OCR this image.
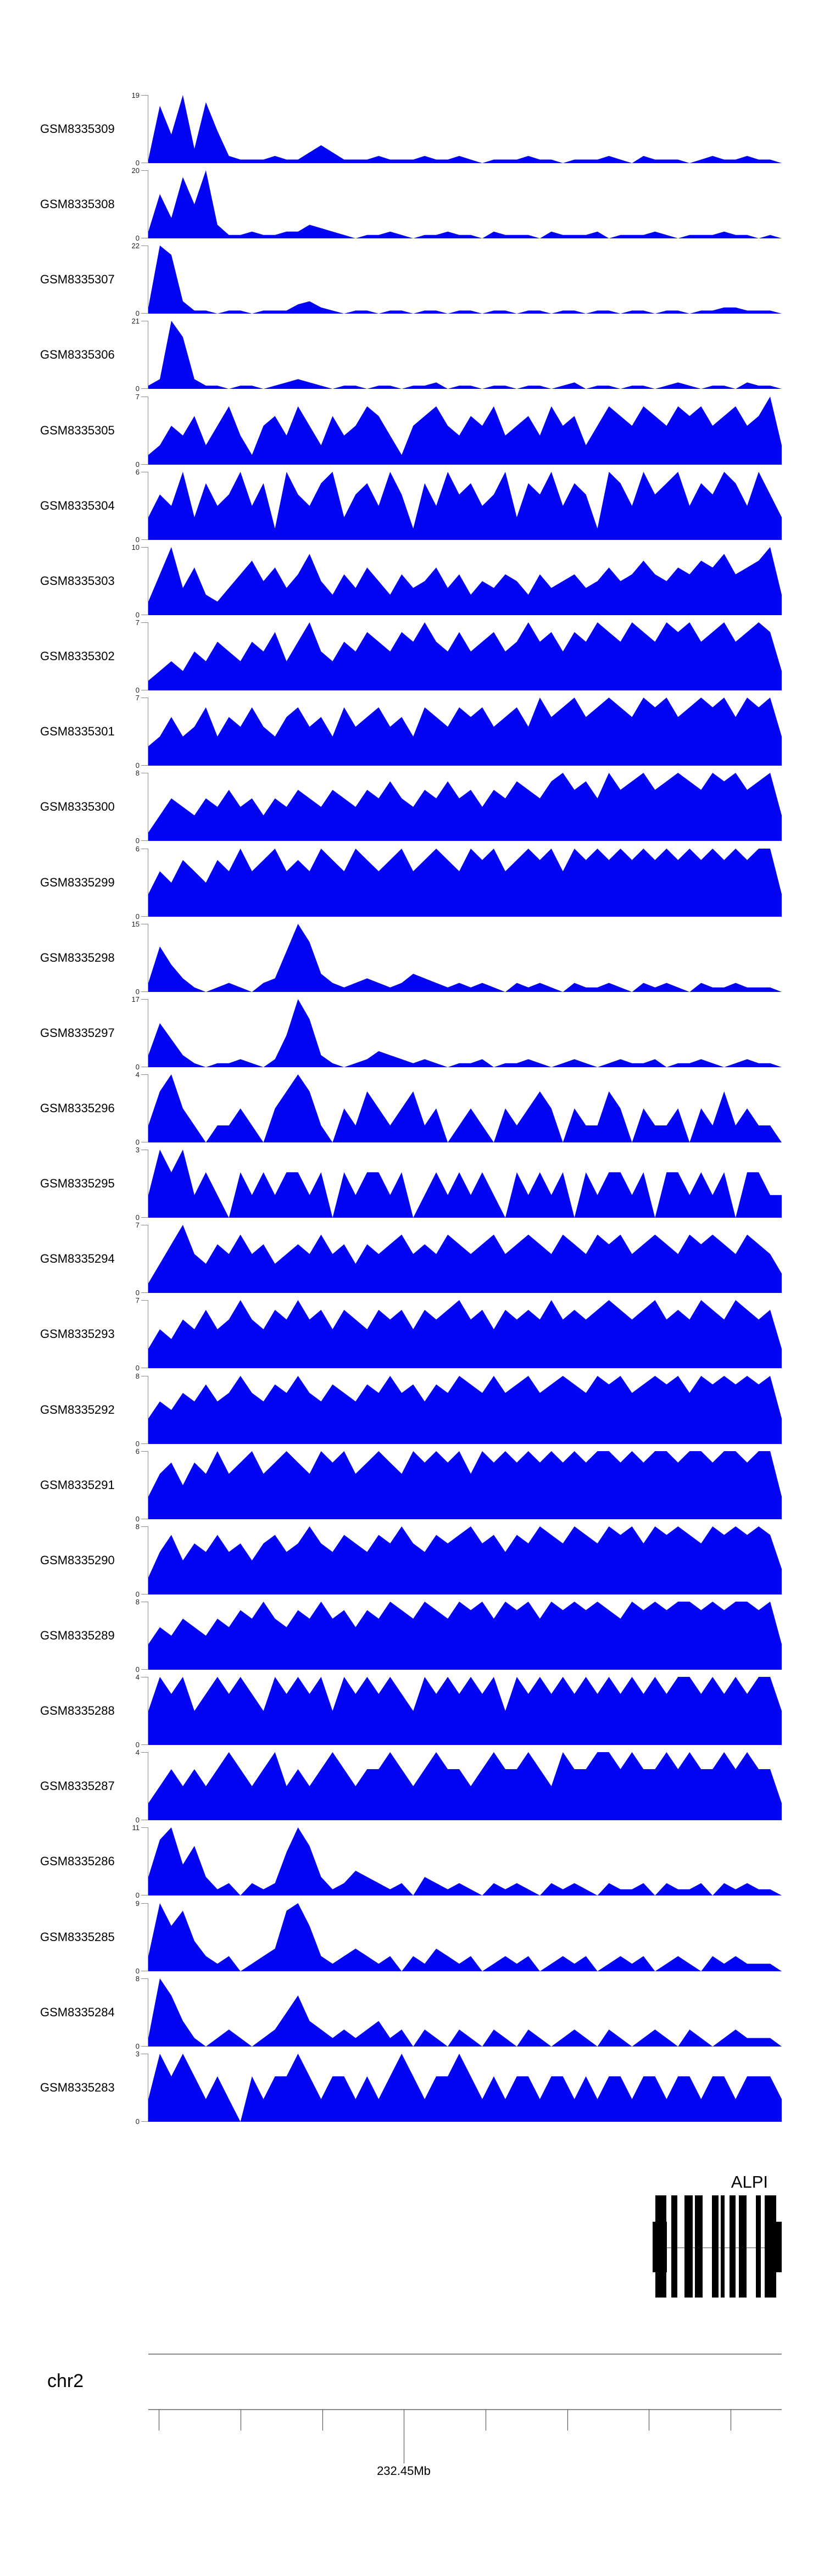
GSM8335309
19
0
GSM8335308
20
0
GSM8335307
22
0
GSM8335306
21
0
GSM8335305
7
0
GSM8335304
6
0
GSM8335303
10
0
GSM8335302
7
0
GSM8335301
7
0
GSM8335300
8
0
GSM8335299
6
0
GSM8335298
15
0
GSM8335297
17
0
GSM8335296
4
0
GSM8335295
3
0
GSM8335294
7
0
GSM8335293
7
0
GSM8335292
8
0
GSM8335291
6
0
GSM8335290
8
0
GSM8335289
8
0
GSM8335288
4
0
GSM8335287
4
0
GSM8335286
11
0
GSM8335285
9
0
GSM8335284
8
0
GSM8335283
3
0
ALPI
chr2
232.45Mb
